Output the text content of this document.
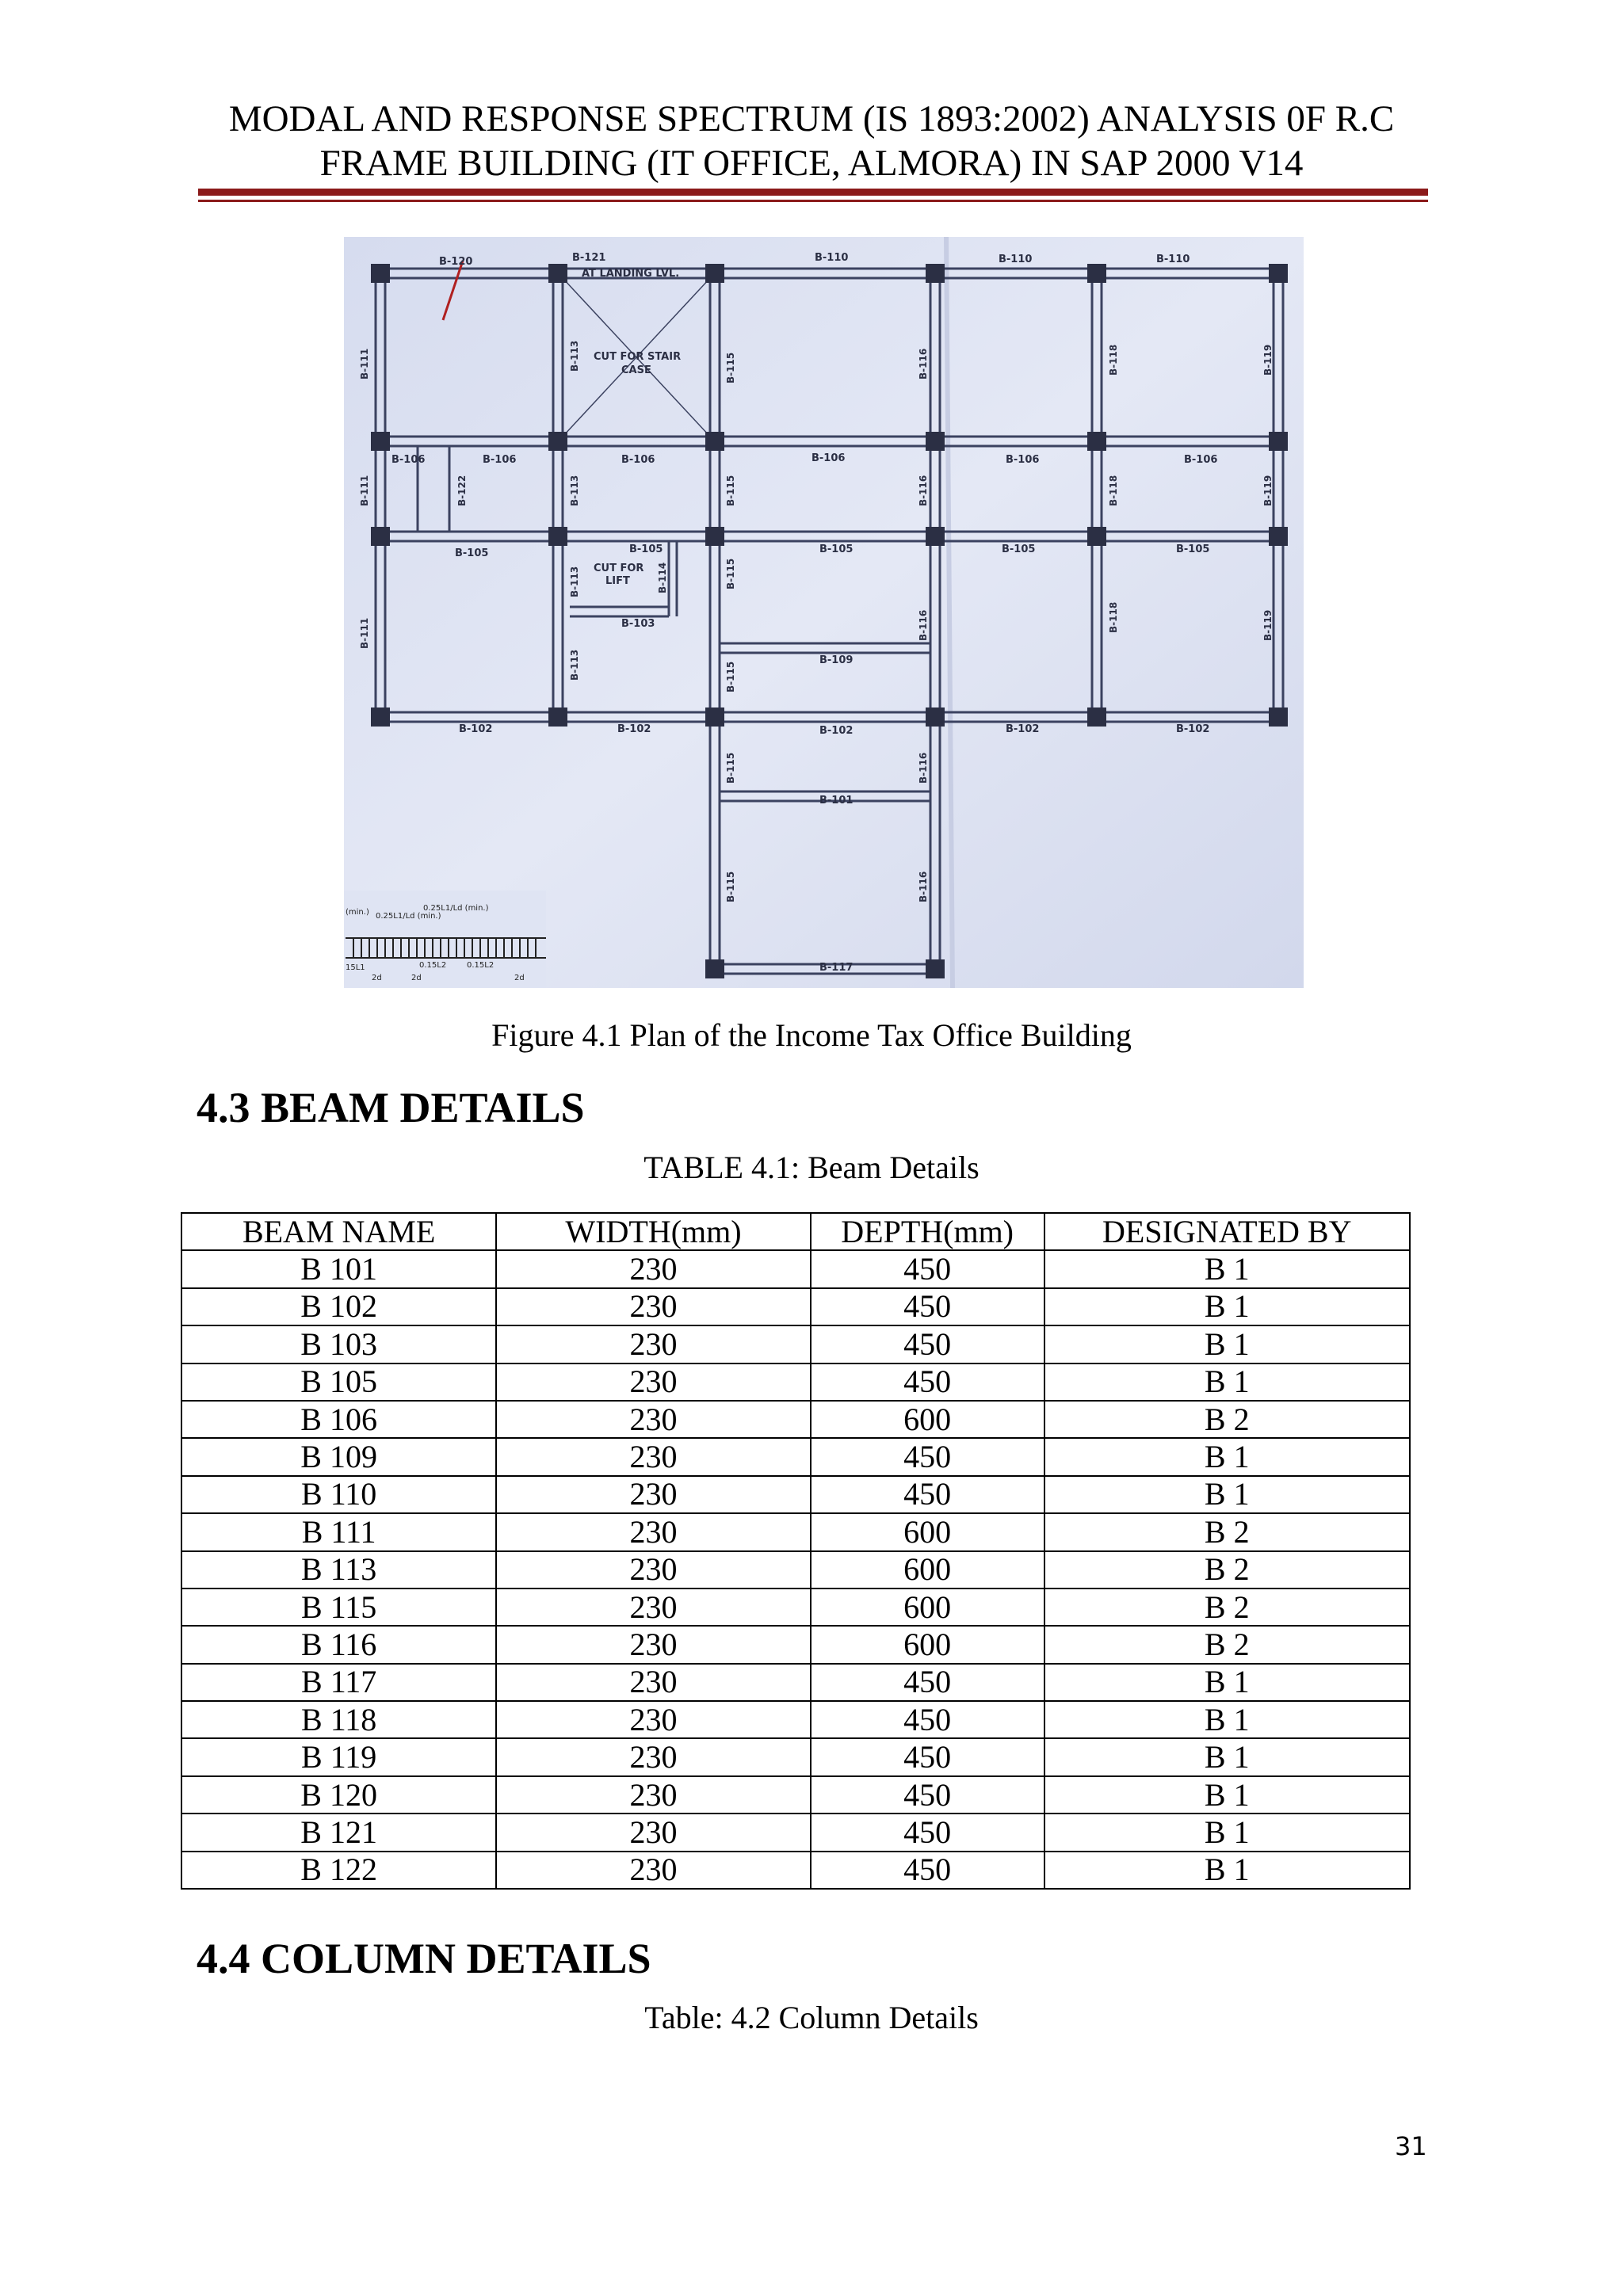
MODAL AND RESPONSE SPECTRUM (IS 1893:2002) ANALYSIS 0F R.C
FRAME BUILDING (IT OFFICE, ALMORA) IN SAP 2000 V14
B-120	B-121
AT LANDING LVL.
CUT FOR STAIR
CASE
B-110	B-110	B-110
B-106	B-106	B-106	B-106	B-106	B-106
B-105	B-105	B-105	B-105	B-105
CUT FOR
LIFT
B-103
B-109
B-102	B-102	B-102	B-102	B-102
B-101
B-117
B-111
B-111
B-111
B-113
B-113
B-113
B-113
B-122
B-114
B-115
B-115
B-115
B-115
B-115
B-115
B-116
B-116
B-116
B-116
B-116
B-118
B-118
B-118
B-119
B-119
B-119
(min.) 0.25L1/Ld (min.)
0.25L1/Ld (min.)
15L1	0.15L2	0.15L2
2d	2d	2d
Figure 4.1 Plan of the Income Tax Office Building
4.3 BEAM DETAILS
TABLE 4.1: Beam Details
BEAM NAME	WIDTH(mm)	DEPTH(mm)	DESIGNATED BY
B 101	230	450	B 1
B 102	230	450	B 1
B 103	230	450	B 1
B 105	230	450	B 1
B 106	230	600	B 2
B 109	230	450	B 1
B 110	230	450	B 1
B 111	230	600	B 2
B 113	230	600	B 2
B 115	230	600	B 2
B 116	230	600	B 2
B 117	230	450	B 1
B 118	230	450	B 1
B 119	230	450	B 1
B 120	230	450	B 1
B 121	230	450	B 1
B 122	230	450	B 1
4.4 COLUMN DETAILS
Table: 4.2 Column Details
31
